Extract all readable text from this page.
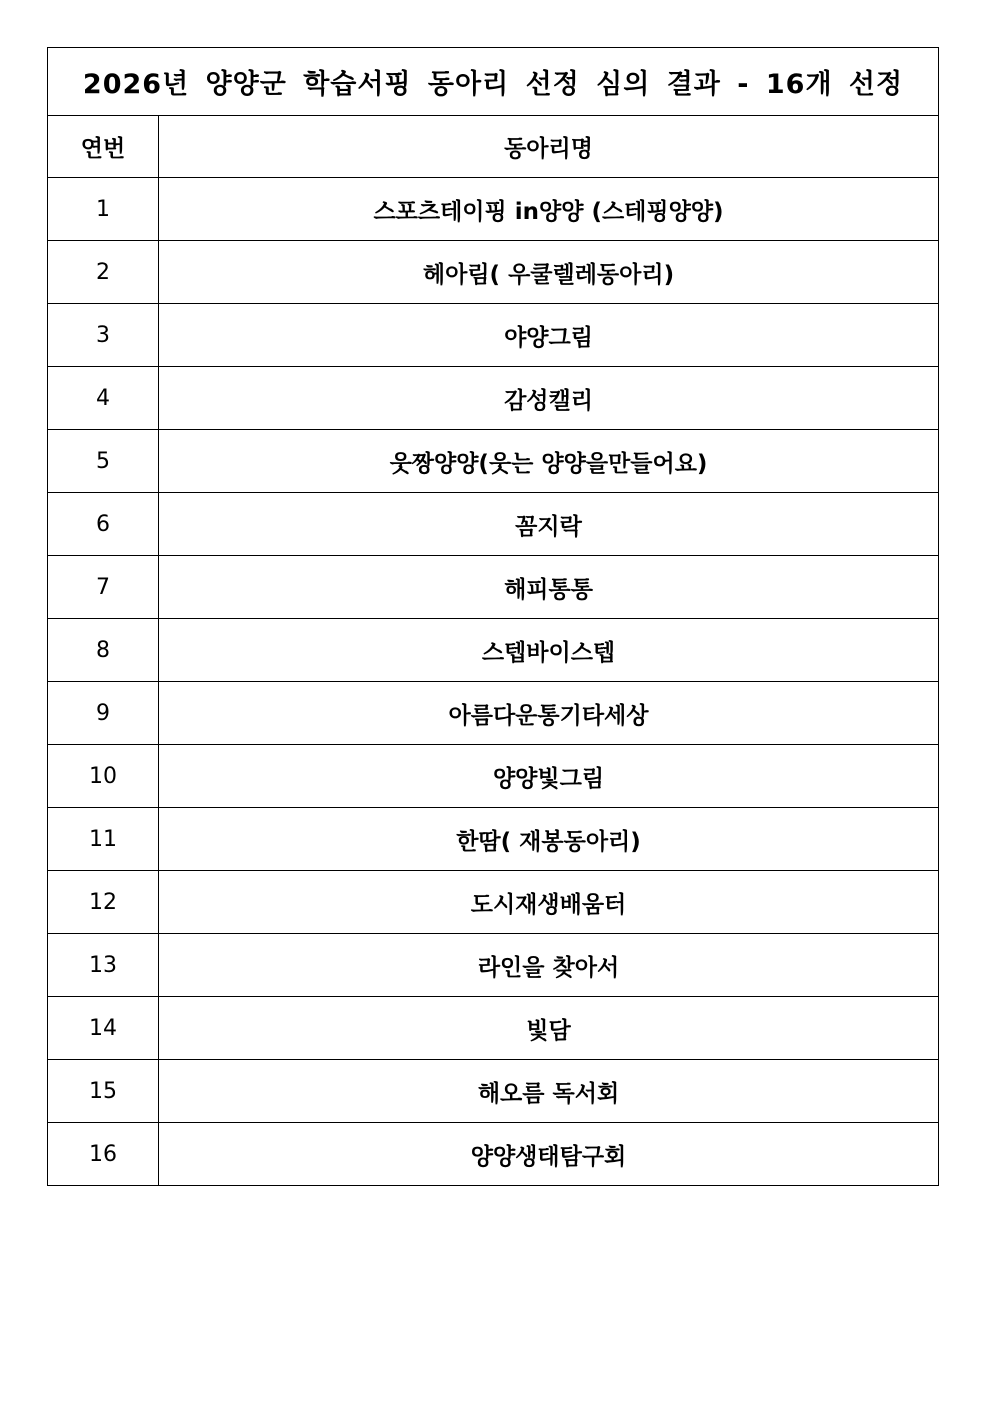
2026년 양양군 학습서핑 동아리 선정 심의 결과 - 16개 선정	
연번	동아리명
1	스포츠테이핑 in양양 (스테핑양양)
2	헤아림( 우쿨렐레동아리)
3	야양그림
4	감성캘리
5	웃짱양양(웃는 양양을만들어요)
6	꼼지락
7	해피통통
8	스텝바이스텝
9	아름다운통기타세상
10	양양빛그림
11	한땀( 재봉동아리)
12	도시재생배움터
13	라인을 찾아서
14	빛담
15	해오름 독서회
16	양양생태탐구회
